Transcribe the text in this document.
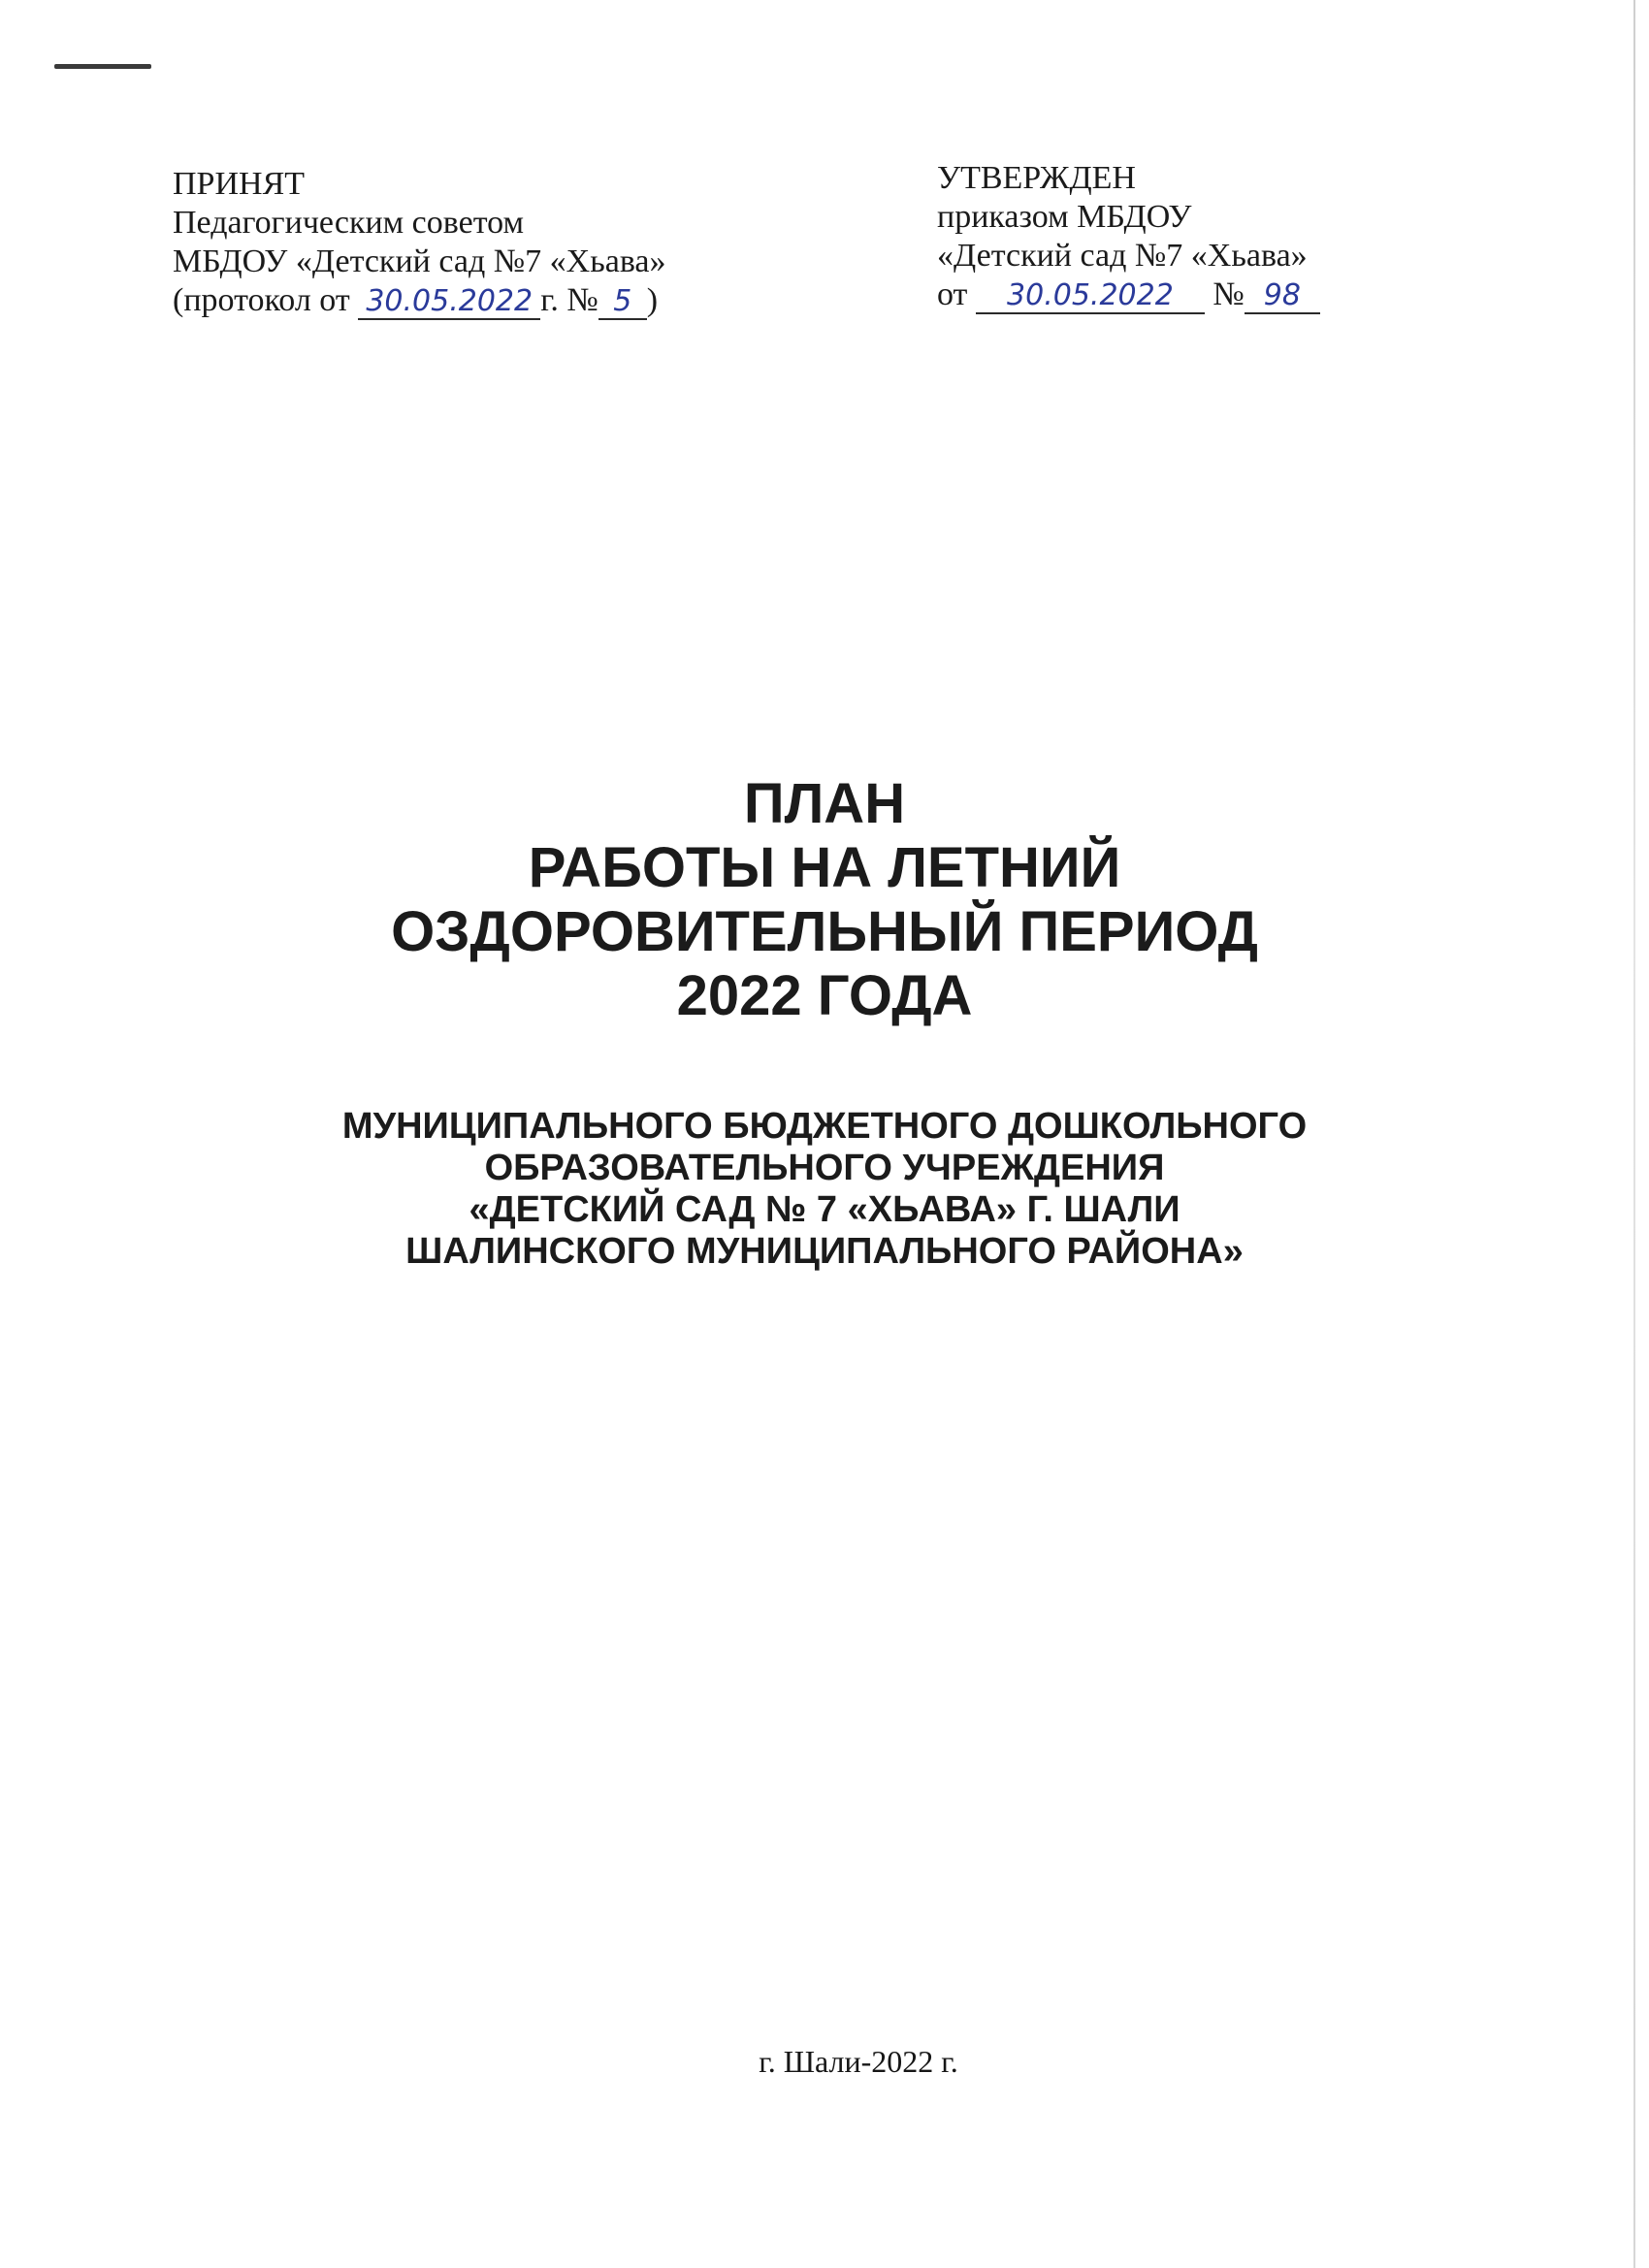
ПРИНЯТ
Педагогическим советом
МБДОУ «Детский сад №7 «Хьава»
(протокол от 30.05.2022 г. № 5 )
УТВЕРЖДЕН
приказом МБДОУ
«Детский сад №7 «Хьава»
от 30.05.2022 № 98
ПЛАН
РАБОТЫ НА ЛЕТНИЙ
ОЗДОРОВИТЕЛЬНЫЙ ПЕРИОД
2022 ГОДА
МУНИЦИПАЛЬНОГО БЮДЖЕТНОГО ДОШКОЛЬНОГО
ОБРАЗОВАТЕЛЬНОГО УЧРЕЖДЕНИЯ
«ДЕТСКИЙ САД № 7 «ХЬАВА» Г. ШАЛИ
ШАЛИНСКОГО МУНИЦИПАЛЬНОГО РАЙОНА»
г. Шали-2022 г.
